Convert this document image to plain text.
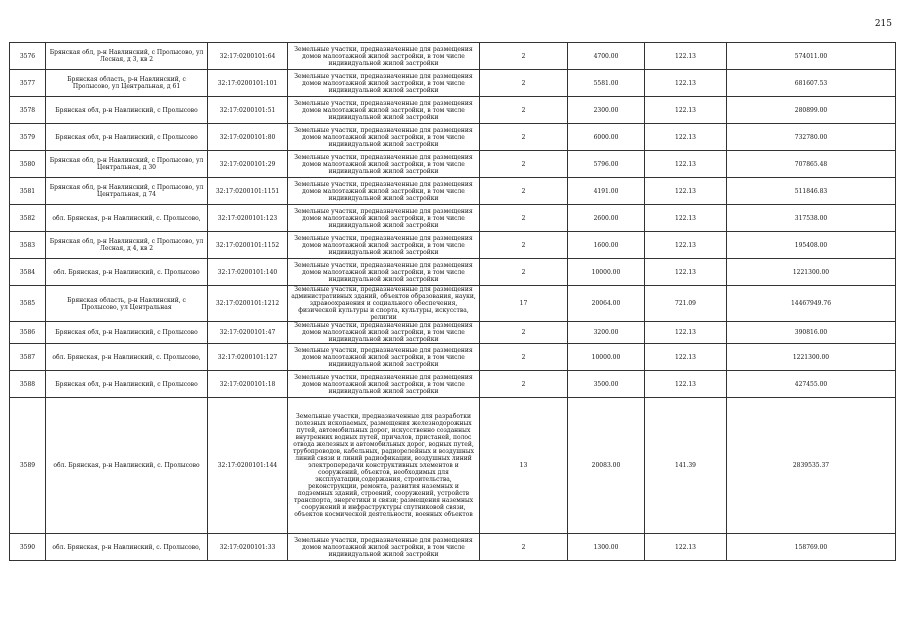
215
3576	Брянская обл, р-н Навлинский, с Пролысово, ул Лесная, д 3, кв 2	32:17:0200101:64	Земельные участки, предназначенные для размещения домов малоэтажной жилой застройки, в том числе индивидуальной жилой застройки	2	4700.00	122.13	574011.00
3577	Брянская область, р-н Навлинский, с Пролысово, ул Центральная, д 61	32:17:0200101:101	Земельные участки, предназначенные для размещения домов малоэтажной жилой застройки, в том числе индивидуальной жилой застройки	2	5581.00	122.13	681607.53
3578	Брянская обл, р-н Навлинский, с Пролысово	32:17:0200101:51	Земельные участки, предназначенные для размещения домов малоэтажной жилой застройки, в том числе индивидуальной жилой застройки	2	2300.00	122.13	280899.00
3579	Брянская обл, р-н Навлинский, с Пролысово	32:17:0200101:80	Земельные участки, предназначенные для размещения домов малоэтажной жилой застройки, в том числе индивидуальной жилой застройки	2	6000.00	122.13	732780.00
3580	Брянская обл, р-н Навлинский, с Пролысово, ул Центральная, д 30	32:17:0200101:29	Земельные участки, предназначенные для размещения домов малоэтажной жилой застройки, в том числе индивидуальной жилой застройки	2	5796.00	122.13	707865.48
3581	Брянская обл, р-н Навлинский, с Пролысово, ул Центральная, д 74	32:17:0200101:1151	Земельные участки, предназначенные для размещения домов малоэтажной жилой застройки, в том числе индивидуальной жилой застройки	2	4191.00	122.13	511846.83
3582	обл. Брянская, р-н Навлинский, с. Пролысово,	32:17:0200101:123	Земельные участки, предназначенные для размещения домов малоэтажной жилой застройки, в том числе индивидуальной жилой застройки	2	2600.00	122.13	317538.00
3583	Брянская обл, р-н Навлинский, с Пролысово, ул Лесная, д 4, кв 2	32:17:0200101:1152	Земельные участки, предназначенные для размещения домов малоэтажной жилой застройки, в том числе индивидуальной жилой застройки	2	1600.00	122.13	195408.00
3584	обл. Брянская, р-н Навлинский, с. Пролысово	32:17:0200101:140	Земельные участки, предназначенные для размещения домов малоэтажной жилой застройки, в том числе индивидуальной жилой застройки	2	10000.00	122.13	1221300.00
3585	Брянская область, р-н Навлинский, с Пролысово, ул Центральная	32:17:0200101:1212	Земельные участки, предназначенные для размещения административных зданий, объектов образования, науки, здравоохранения и социального обеспечения, физической культуры и спорта, культуры, искусства, религии	17	20064.00	721.09	14467949.76
3586	Брянская обл, р-н Навлинский, с Пролысово	32:17:0200101:47	Земельные участки, предназначенные для размещения домов малоэтажной жилой застройки, в том числе индивидуальной жилой застройки	2	3200.00	122.13	390816.00
3587	обл. Брянская, р-н Навлинский, с. Пролысово,	32:17:0200101:127	Земельные участки, предназначенные для размещения домов малоэтажной жилой застройки, в том числе индивидуальной жилой застройки	2	10000.00	122.13	1221300.00
3588	Брянская обл, р-н Навлинский, с Пролысово	32:17:0200101:18	Земельные участки, предназначенные для размещения домов малоэтажной жилой застройки, в том числе индивидуальной жилой застройки	2	3500.00	122.13	427455.00
3589	обл. Брянская, р-н Навлинский, с. Пролысово	32:17:0200101:144	Земельные участки, предназначенные для разработки полезных ископаемых, размещения железнодорожных путей, автомобильных дорог, искусственно созданных внутренних водных путей, причалов, пристаней, полос отвода железных и автомобильных дорог, водных путей, трубопроводов, кабельных, радиорелейных и воздушных линий связи и линий радиофикации, воздушных линий электропередачи конструктивных элементов и сооружений, объектов, необходимых для эксплуатации,содержания, строительства, реконструкции, ремонта, развития наземных и подземных зданий, строений, сооружений, устройств транспорта, энергетики и связи; размещения наземных сооружений и инфраструктуры спутниковой связи, объектов космической деятельности, военных объектов	13	20083.00	141.39	2839535.37
3590	обл. Брянская, р-н Навлинский, с. Пролысово,	32:17:0200101:33	Земельные участки, предназначенные для размещения домов малоэтажной жилой застройки, в том числе индивидуальной жилой застройки	2	1300.00	122.13	158769.00
